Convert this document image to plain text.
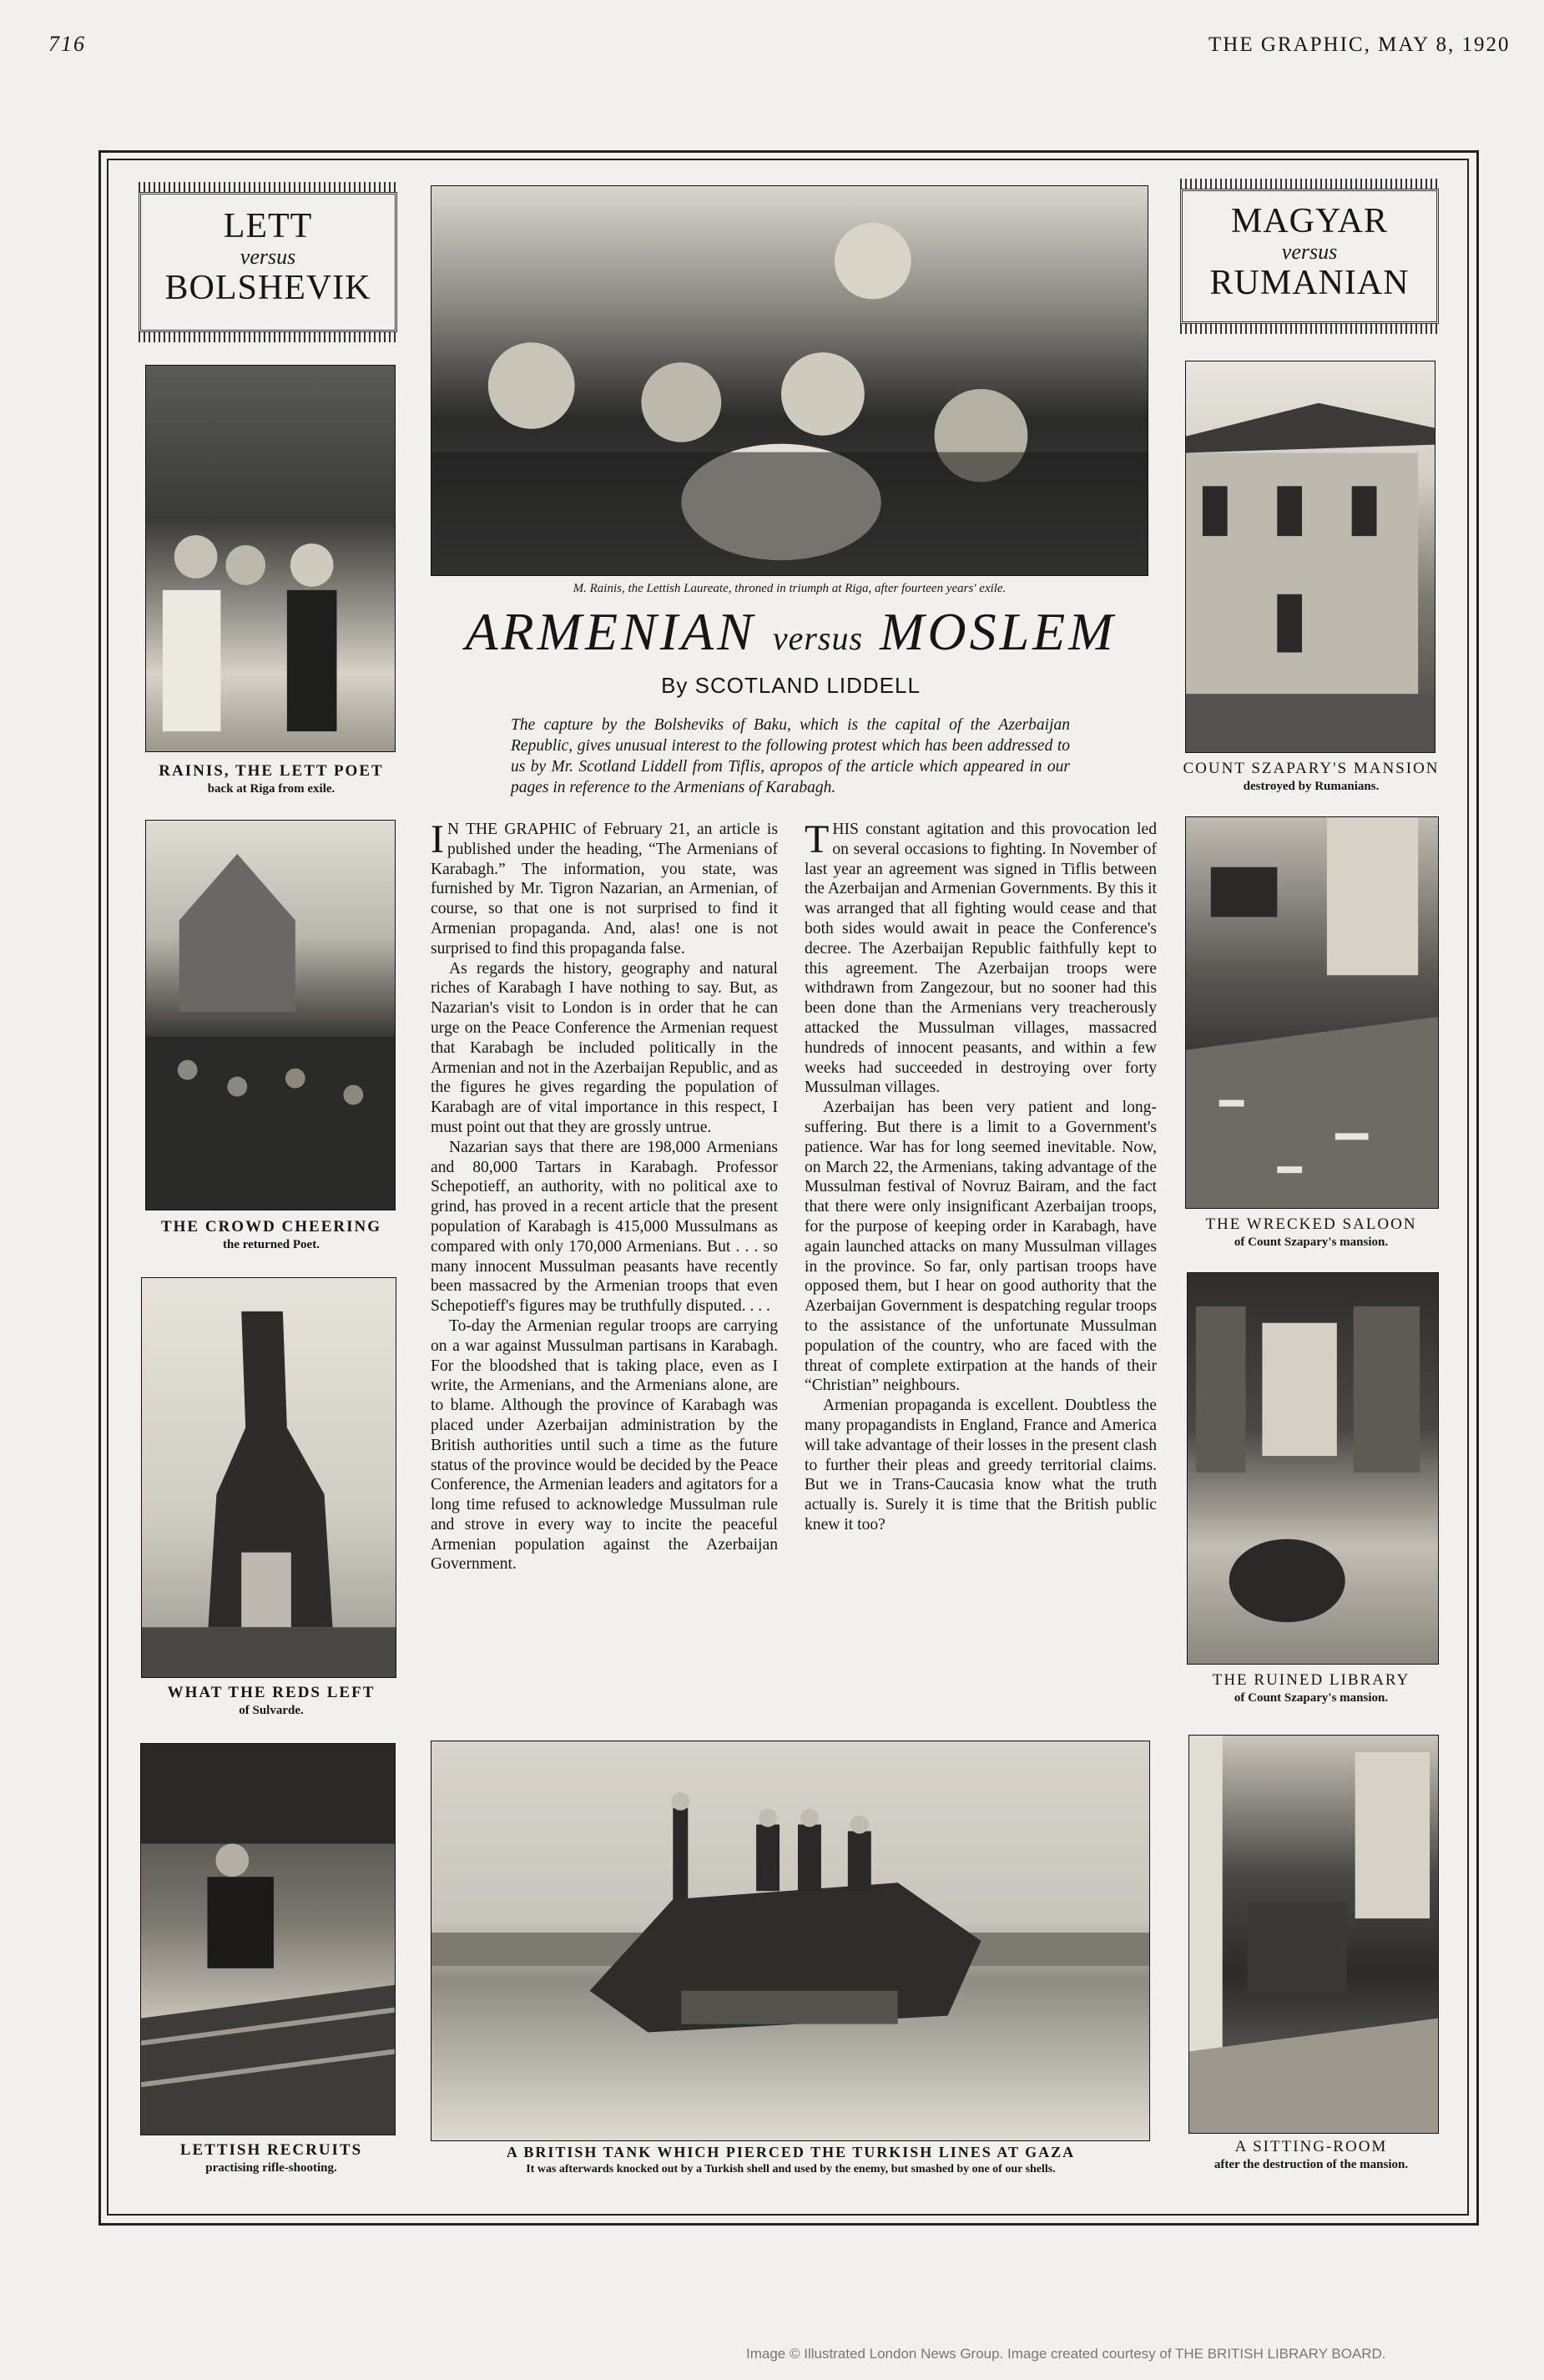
716	THE GRAPHIC, MAY 8, 1920
LETT
versus
BOLSHEVIK
MAGYAR
versus
RUMANIAN
M. Rainis, the Lettish Laureate, throned in triumph at Riga, after fourteen years' exile.
RAINIS, THE LETT POET
back at Riga from exile.
THE CROWD CHEERING
the returned Poet.
WHAT THE REDS LEFT
of Sulvarde.
LETTISH RECRUITS
practising rifle-shooting.
A BRITISH TANK WHICH PIERCED THE TURKISH LINES AT GAZA
It was afterwards knocked out by a Turkish shell and used by the enemy, but smashed by one of our shells.
COUNT SZAPARY'S MANSION
destroyed by Rumanians.
THE WRECKED SALOON
of Count Szapary's mansion.
THE RUINED LIBRARY
of Count Szapary's mansion.
A SITTING-ROOM
after the destruction of the mansion.
ARMENIAN versus MOSLEM
By SCOTLAND LIDDELL
The capture by the Bolsheviks of Baku, which is the capital of the Azerbaijan Republic, gives unusual interest to the following protest which has been addressed to us by Mr. Scotland Liddell from Tiflis, apropos of the article which appeared in our pages in reference to the Armenians of Karabagh.

I N THE GRAPHIC of February 21, an article is published under the heading, “The Armenians of Karabagh.” The information, you state, was furnished by Mr. Tigron Nazarian, an Armenian, of course, so that one is not surprised to find it Armenian propaganda. And, alas! one is not surprised to find this propaganda false.

As regards the history, geography and natural riches of Karabagh I have nothing to say. But, as Nazarian's visit to London is in order that he can urge on the Peace Conference the Armenian request that Karabagh be included politically in the Armenian and not in the Azerbaijan Republic, and as the figures he gives regarding the population of Karabagh are of vital importance in this respect, I must point out that they are grossly untrue.

Nazarian says that there are 198,000 Armenians and 80,000 Tartars in Karabagh. Professor Schepotieff, an authority, with no political axe to grind, has proved in a recent article that the present population of Karabagh is 415,000 Mussulmans as compared with only 170,000 Armenians. But . . . so many innocent Mussulman peasants have recently been massacred by the Armenian troops that even Schepotieff's figures may be truthfully disputed. . . .

To-day the Armenian regular troops are carrying on a war against Mussulman partisans in Karabagh. For the bloodshed that is taking place, even as I write, the Armenians, and the Armenians alone, are to blame. Although the province of Karabagh was placed under Azerbaijan administration by the British authorities until such a time as the future status of the province would be decided by the Peace Conference, the Armenian leaders and agitators for a long time refused to acknowledge Mussulman rule and strove in every way to incite the peaceful Armenian population against the Azerbaijan Government.

THIS constant agitation and this provocation led on several occasions to fighting. In November of last year an agreement was signed in Tiflis between the Azerbaijan and Armenian Governments. By this it was arranged that all fighting would cease and that both sides would await in peace the Conference's decree. The Azerbaijan Republic faithfully kept to this agreement. The Azerbaijan troops were withdrawn from Zangezour, but no sooner had this been done than the Armenians very treacherously attacked the Mussulman villages, massacred hundreds of innocent peasants, and within a few weeks had succeeded in destroying over forty Mussulman villages.

Azerbaijan has been very patient and long-suffering. But there is a limit to a Government's patience. War has for long seemed inevitable. Now, on March 22, the Armenians, taking advantage of the Mussulman festival of Novruz Bairam, and the fact that there were only insignificant Azerbaijan troops, for the purpose of keeping order in Karabagh, have again launched attacks on many Mussulman villages in the province. So far, only partisan troops have opposed them, but I hear on good authority that the Azerbaijan Government is despatching regular troops to the assistance of the unfortunate Mussulman population of the country, who are faced with the threat of complete extirpation at the hands of their “Christian” neighbours.

Armenian propaganda is excellent. Doubtless the many propagandists in England, France and America will take advantage of their losses in the present clash to further their pleas and greedy territorial claims. But we in Trans-Caucasia know what the truth actually is. Surely it is time that the British public knew it too?

Image © Illustrated London News Group. Image created courtesy of THE BRITISH LIBRARY BOARD.
